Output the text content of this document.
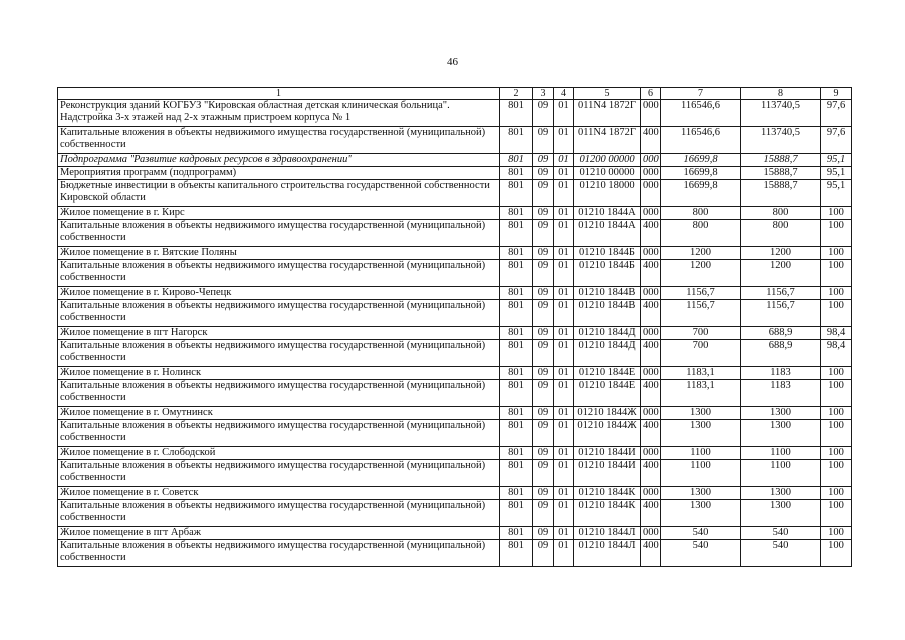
46
1	2	3	4	5	6	7	8	9
Реконструкция зданий КОГБУЗ "Кировская областная детская клиническая больница". Надстройка 3-х этажей над 2-х этажным пристроем корпуса № 1	801	09	01	011N4 1872Г	000	116546,6	113740,5	97,6
Капитальные вложения в объекты недвижимого имущества государственной (муниципальной) собственности	801	09	01	011N4 1872Г	400	116546,6	113740,5	97,6
Подпрограмма "Развитие кадровых ресурсов в здравоохранении"	801	09	01	01200 00000	000	16699,8	15888,7	95,1
Мероприятия программ (подпрограмм)	801	09	01	01210 00000	000	16699,8	15888,7	95,1
Бюджетные инвестиции в объекты капитального строительства государственной собственности Кировской области	801	09	01	01210 18000	000	16699,8	15888,7	95,1
Жилое помещение в г. Кирс	801	09	01	01210 1844А	000	800	800	100
Капитальные вложения в объекты недвижимого имущества государственной (муниципальной) собственности	801	09	01	01210 1844А	400	800	800	100
Жилое помещение в г. Вятские Поляны	801	09	01	01210 1844Б	000	1200	1200	100
Капитальные вложения в объекты недвижимого имущества государственной (муниципальной) собственности	801	09	01	01210 1844Б	400	1200	1200	100
Жилое помещение в г. Кирово-Чепецк	801	09	01	01210 1844В	000	1156,7	1156,7	100
Капитальные вложения в объекты недвижимого имущества государственной (муниципальной) собственности	801	09	01	01210 1844В	400	1156,7	1156,7	100
Жилое помещение в пгт Нагорск	801	09	01	01210 1844Д	000	700	688,9	98,4
Капитальные вложения в объекты недвижимого имущества государственной (муниципальной) собственности	801	09	01	01210 1844Д	400	700	688,9	98,4
Жилое помещение в г. Нолинск	801	09	01	01210 1844Е	000	1183,1	1183	100
Капитальные вложения в объекты недвижимого имущества государственной (муниципальной) собственности	801	09	01	01210 1844Е	400	1183,1	1183	100
Жилое помещение в г. Омутнинск	801	09	01	01210 1844Ж	000	1300	1300	100
Капитальные вложения в объекты недвижимого имущества государственной (муниципальной) собственности	801	09	01	01210 1844Ж	400	1300	1300	100
Жилое помещение в г. Слободской	801	09	01	01210 1844И	000	1100	1100	100
Капитальные вложения в объекты недвижимого имущества государственной (муниципальной) собственности	801	09	01	01210 1844И	400	1100	1100	100
Жилое помещение в г. Советск	801	09	01	01210 1844К	000	1300	1300	100
Капитальные вложения в объекты недвижимого имущества государственной (муниципальной) собственности	801	09	01	01210 1844К	400	1300	1300	100
Жилое помещение в пгт Арбаж	801	09	01	01210 1844Л	000	540	540	100
Капитальные вложения в объекты недвижимого имущества государственной (муниципальной) собственности	801	09	01	01210 1844Л	400	540	540	100
